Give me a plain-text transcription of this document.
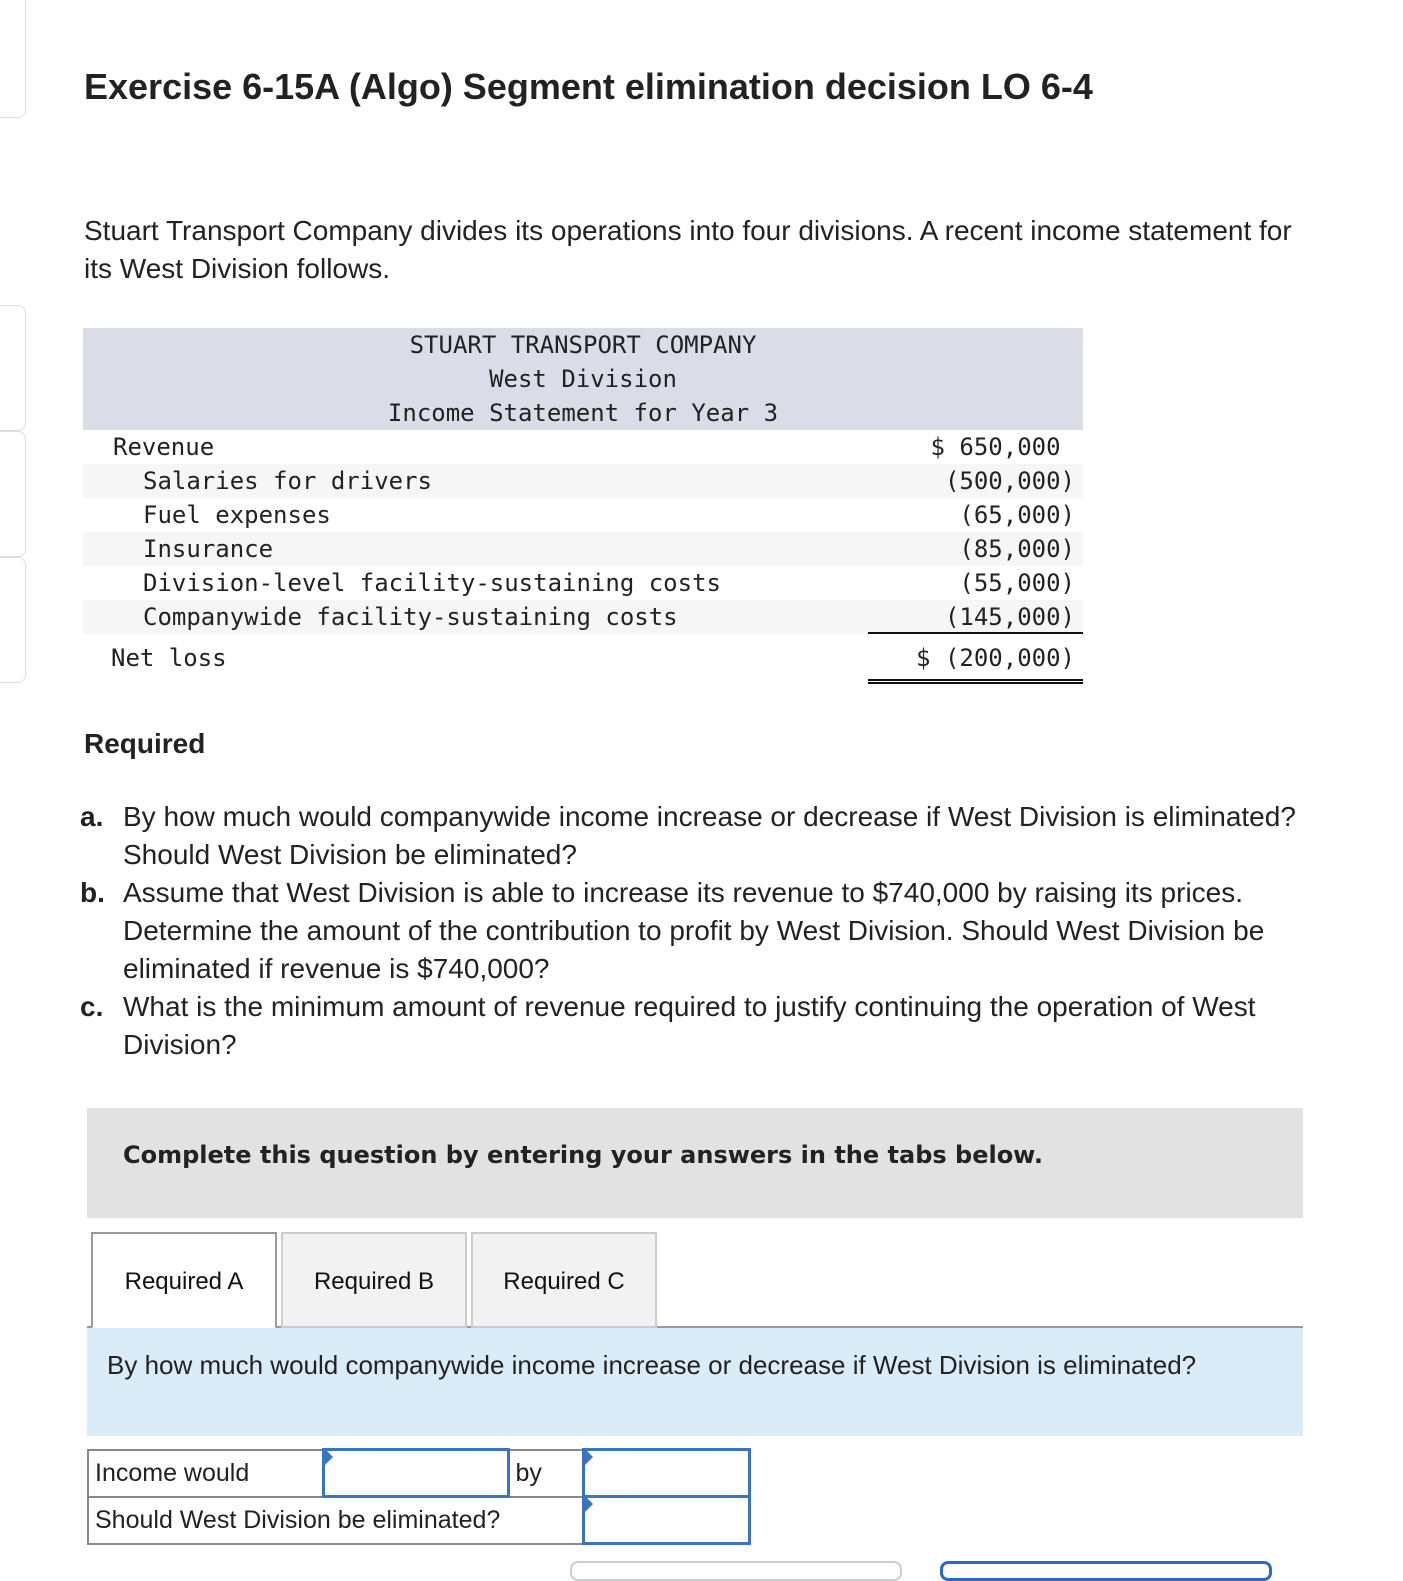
Exercise 6-15A (Algo) Segment elimination decision LO 6-4

Stuart Transport Company divides its operations into four divisions. A recent income statement for its West Division follows.

STUART TRANSPORT COMPANY
West Division
Income Statement for Year 3
Revenue	$ 650,000
Salaries for drivers	(500,000)
Fuel expenses	(65,000)
Insurance	(85,000)
Division-level facility-sustaining costs	(55,000)
Companywide facility-sustaining costs	(145,000)
Net loss	$ (200,000)
Required
a. By how much would companywide income increase or decrease if West Division is eliminated? Should West Division be eliminated?
b. Assume that West Division is able to increase its revenue to $740,000 by raising its prices. Determine the amount of the contribution to profit by West Division. Should West Division be eliminated if revenue is $740,000?
c. What is the minimum amount of revenue required to justify continuing the operation of West Division?
Complete this question by entering your answers in the tabs below.
Required A	Required B	Required C
By how much would companywide income increase or decrease if West Division is eliminated?
Income would		by	

Should West Division be eliminated?	
